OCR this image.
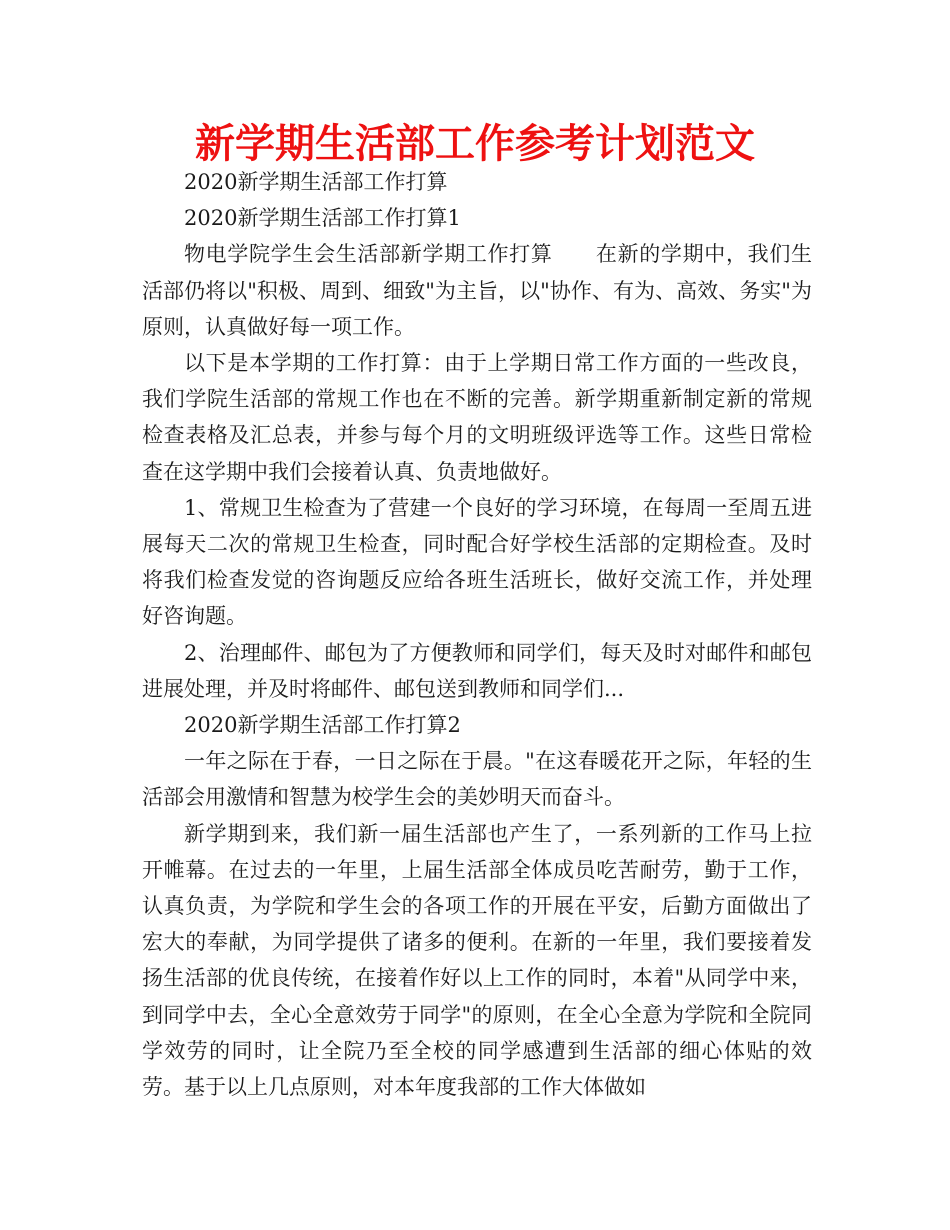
新学期生活部工作参考计划范文

2020新学期生活部工作打算

2020新学期生活部工作打算1

物电学院学生会生活部新学期工作打算　　在新的学期中，我们生活部仍将以"积极、周到、细致"为主旨，以"协作、有为、高效、务实"为原则，认真做好每一项工作。

以下是本学期的工作打算：由于上学期日常工作方面的一些改良，我们学院生活部的常规工作也在不断的完善。新学期重新制定新的常规检查表格及汇总表，并参与每个月的文明班级评选等工作。这些日常检查在这学期中我们会接着认真、负责地做好。

1、常规卫生检查为了营建一个良好的学习环境，在每周一至周五进展每天二次的常规卫生检查，同时配合好学校生活部的定期检查。及时将我们检查发觉的咨询题反应给各班生活班长，做好交流工作，并处理好咨询题。

2、治理邮件、邮包为了方便教师和同学们，每天及时对邮件和邮包进展处理，并及时将邮件、邮包送到教师和同学们...

2020新学期生活部工作打算2

一年之际在于春，一日之际在于晨。"在这春暖花开之际，年轻的生活部会用激情和智慧为校学生会的美妙明天而奋斗。

新学期到来，我们新一届生活部也产生了，一系列新的工作马上拉开帷幕。在过去的一年里，上届生活部全体成员吃苦耐劳，勤于工作，认真负责，为学院和学生会的各项工作的开展在平安，后勤方面做出了宏大的奉献，为同学提供了诸多的便利。在新的一年里，我们要接着发扬生活部的优良传统，在接着作好以上工作的同时，本着"从同学中来，到同学中去，全心全意效劳于同学"的原则，在全心全意为学院和全院同学效劳的同时，让全院乃至全校的同学感遭到生活部的细心体贴的效劳。基于以上几点原则，对本年度我部的工作大体做如
